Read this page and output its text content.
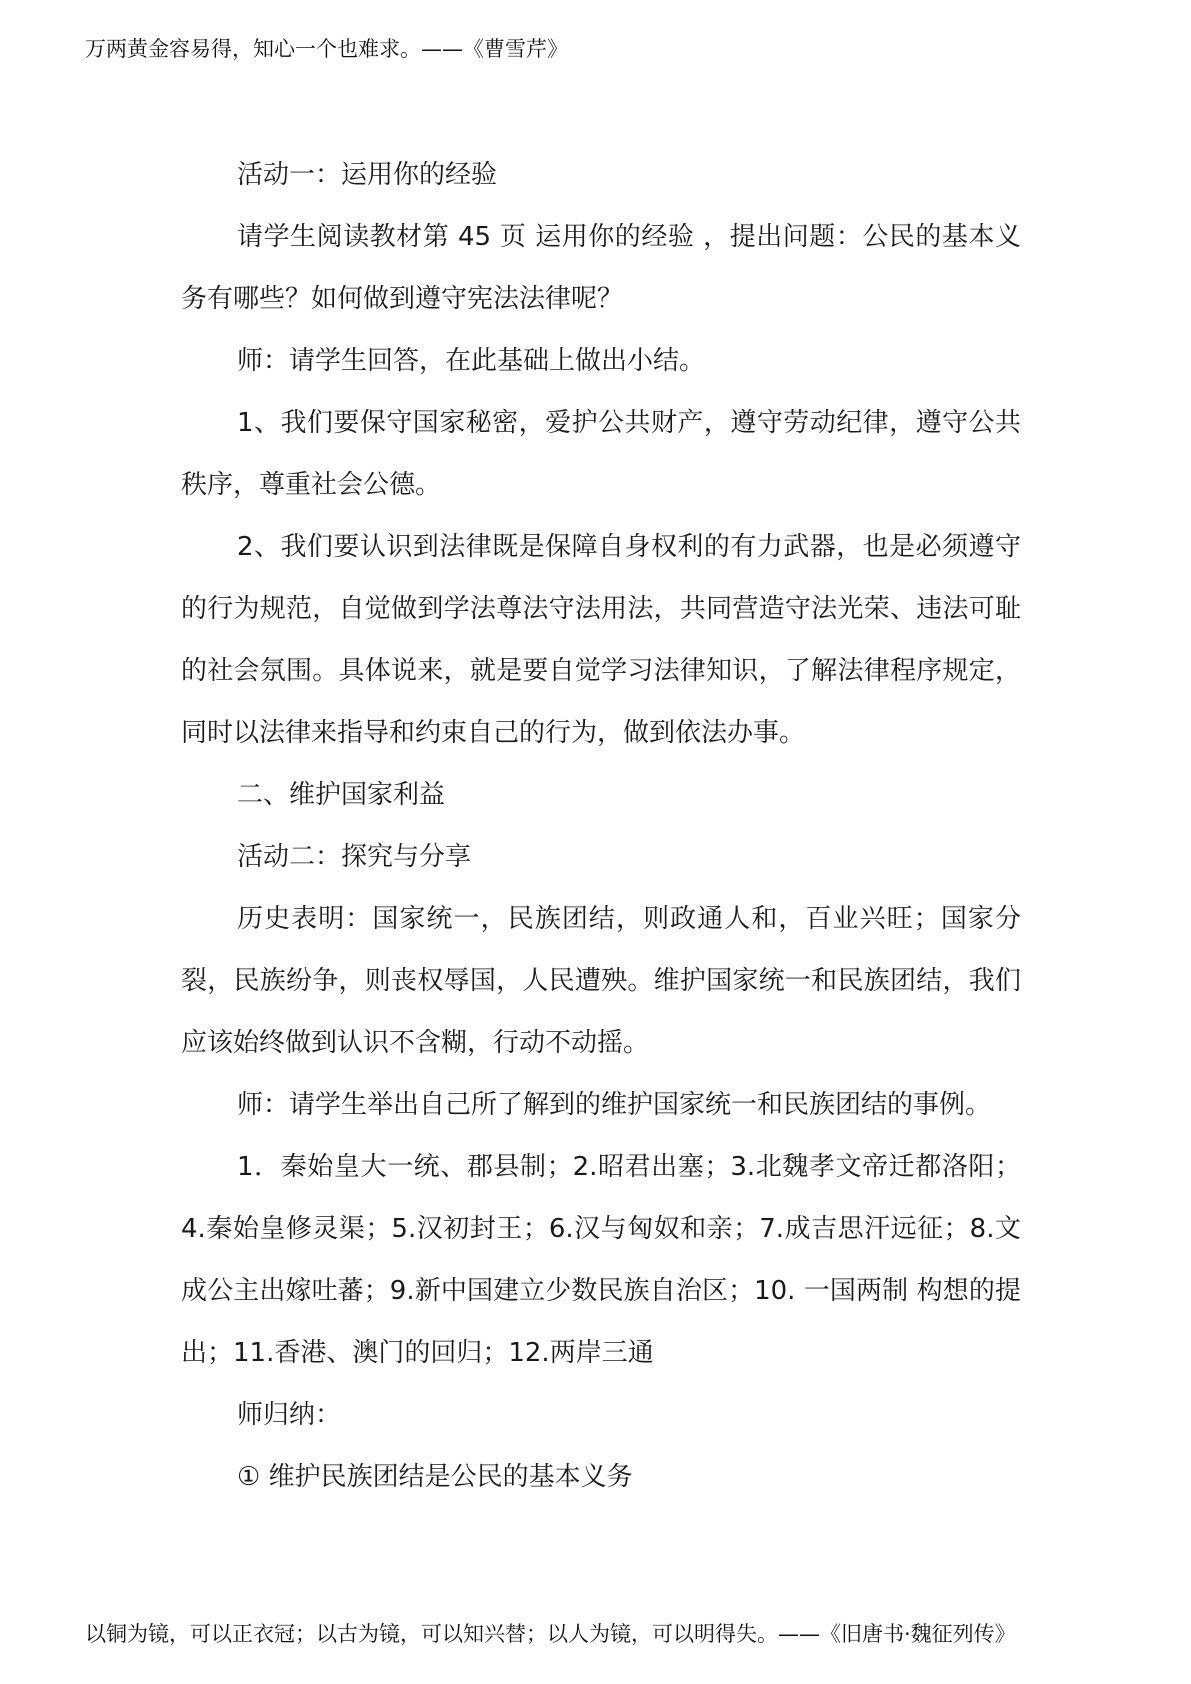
万两黄金容易得，知心一个也难求。——《曹雪芹》

活动一：运用你的经验

请学生阅读教材第 45 页 运用你的经验 ，提出问题：公民的基本义务有哪些？如何做到遵守宪法法律呢？

师：请学生回答，在此基础上做出小结。

1、我们要保守国家秘密，爱护公共财产，遵守劳动纪律，遵守公共秩序，尊重社会公德。

2、我们要认识到法律既是保障自身权利的有力武器，也是必须遵守的行为规范，自觉做到学法尊法守法用法，共同营造守法光荣、违法可耻的社会氛围。具体说来，就是要自觉学习法律知识，了解法律程序规定，同时以法律来指导和约束自己的行为，做到依法办事。

二、维护国家利益

活动二：探究与分享

历史表明：国家统一，民族团结，则政通人和，百业兴旺；国家分裂，民族纷争，则丧权辱国，人民遭殃。维护国家统一和民族团结，我们应该始终做到认识不含糊，行动不动摇。

师：请学生举出自己所了解到的维护国家统一和民族团结的事例。

1．秦始皇大一统、郡县制；2.昭君出塞；3.北魏孝文帝迁都洛阳；4.秦始皇修灵渠；5.汉初封王；6.汉与匈奴和亲；7.成吉思汗远征；8.文成公主出嫁吐蕃；9.新中国建立少数民族自治区；10. 一国两制 构想的提出；11.香港、澳门的回归；12.两岸三通

师归纳：

① 维护民族团结是公民的基本义务

以铜为镜，可以正衣冠；以古为镜，可以知兴替；以人为镜，可以明得失。——《旧唐书·魏征列传》
